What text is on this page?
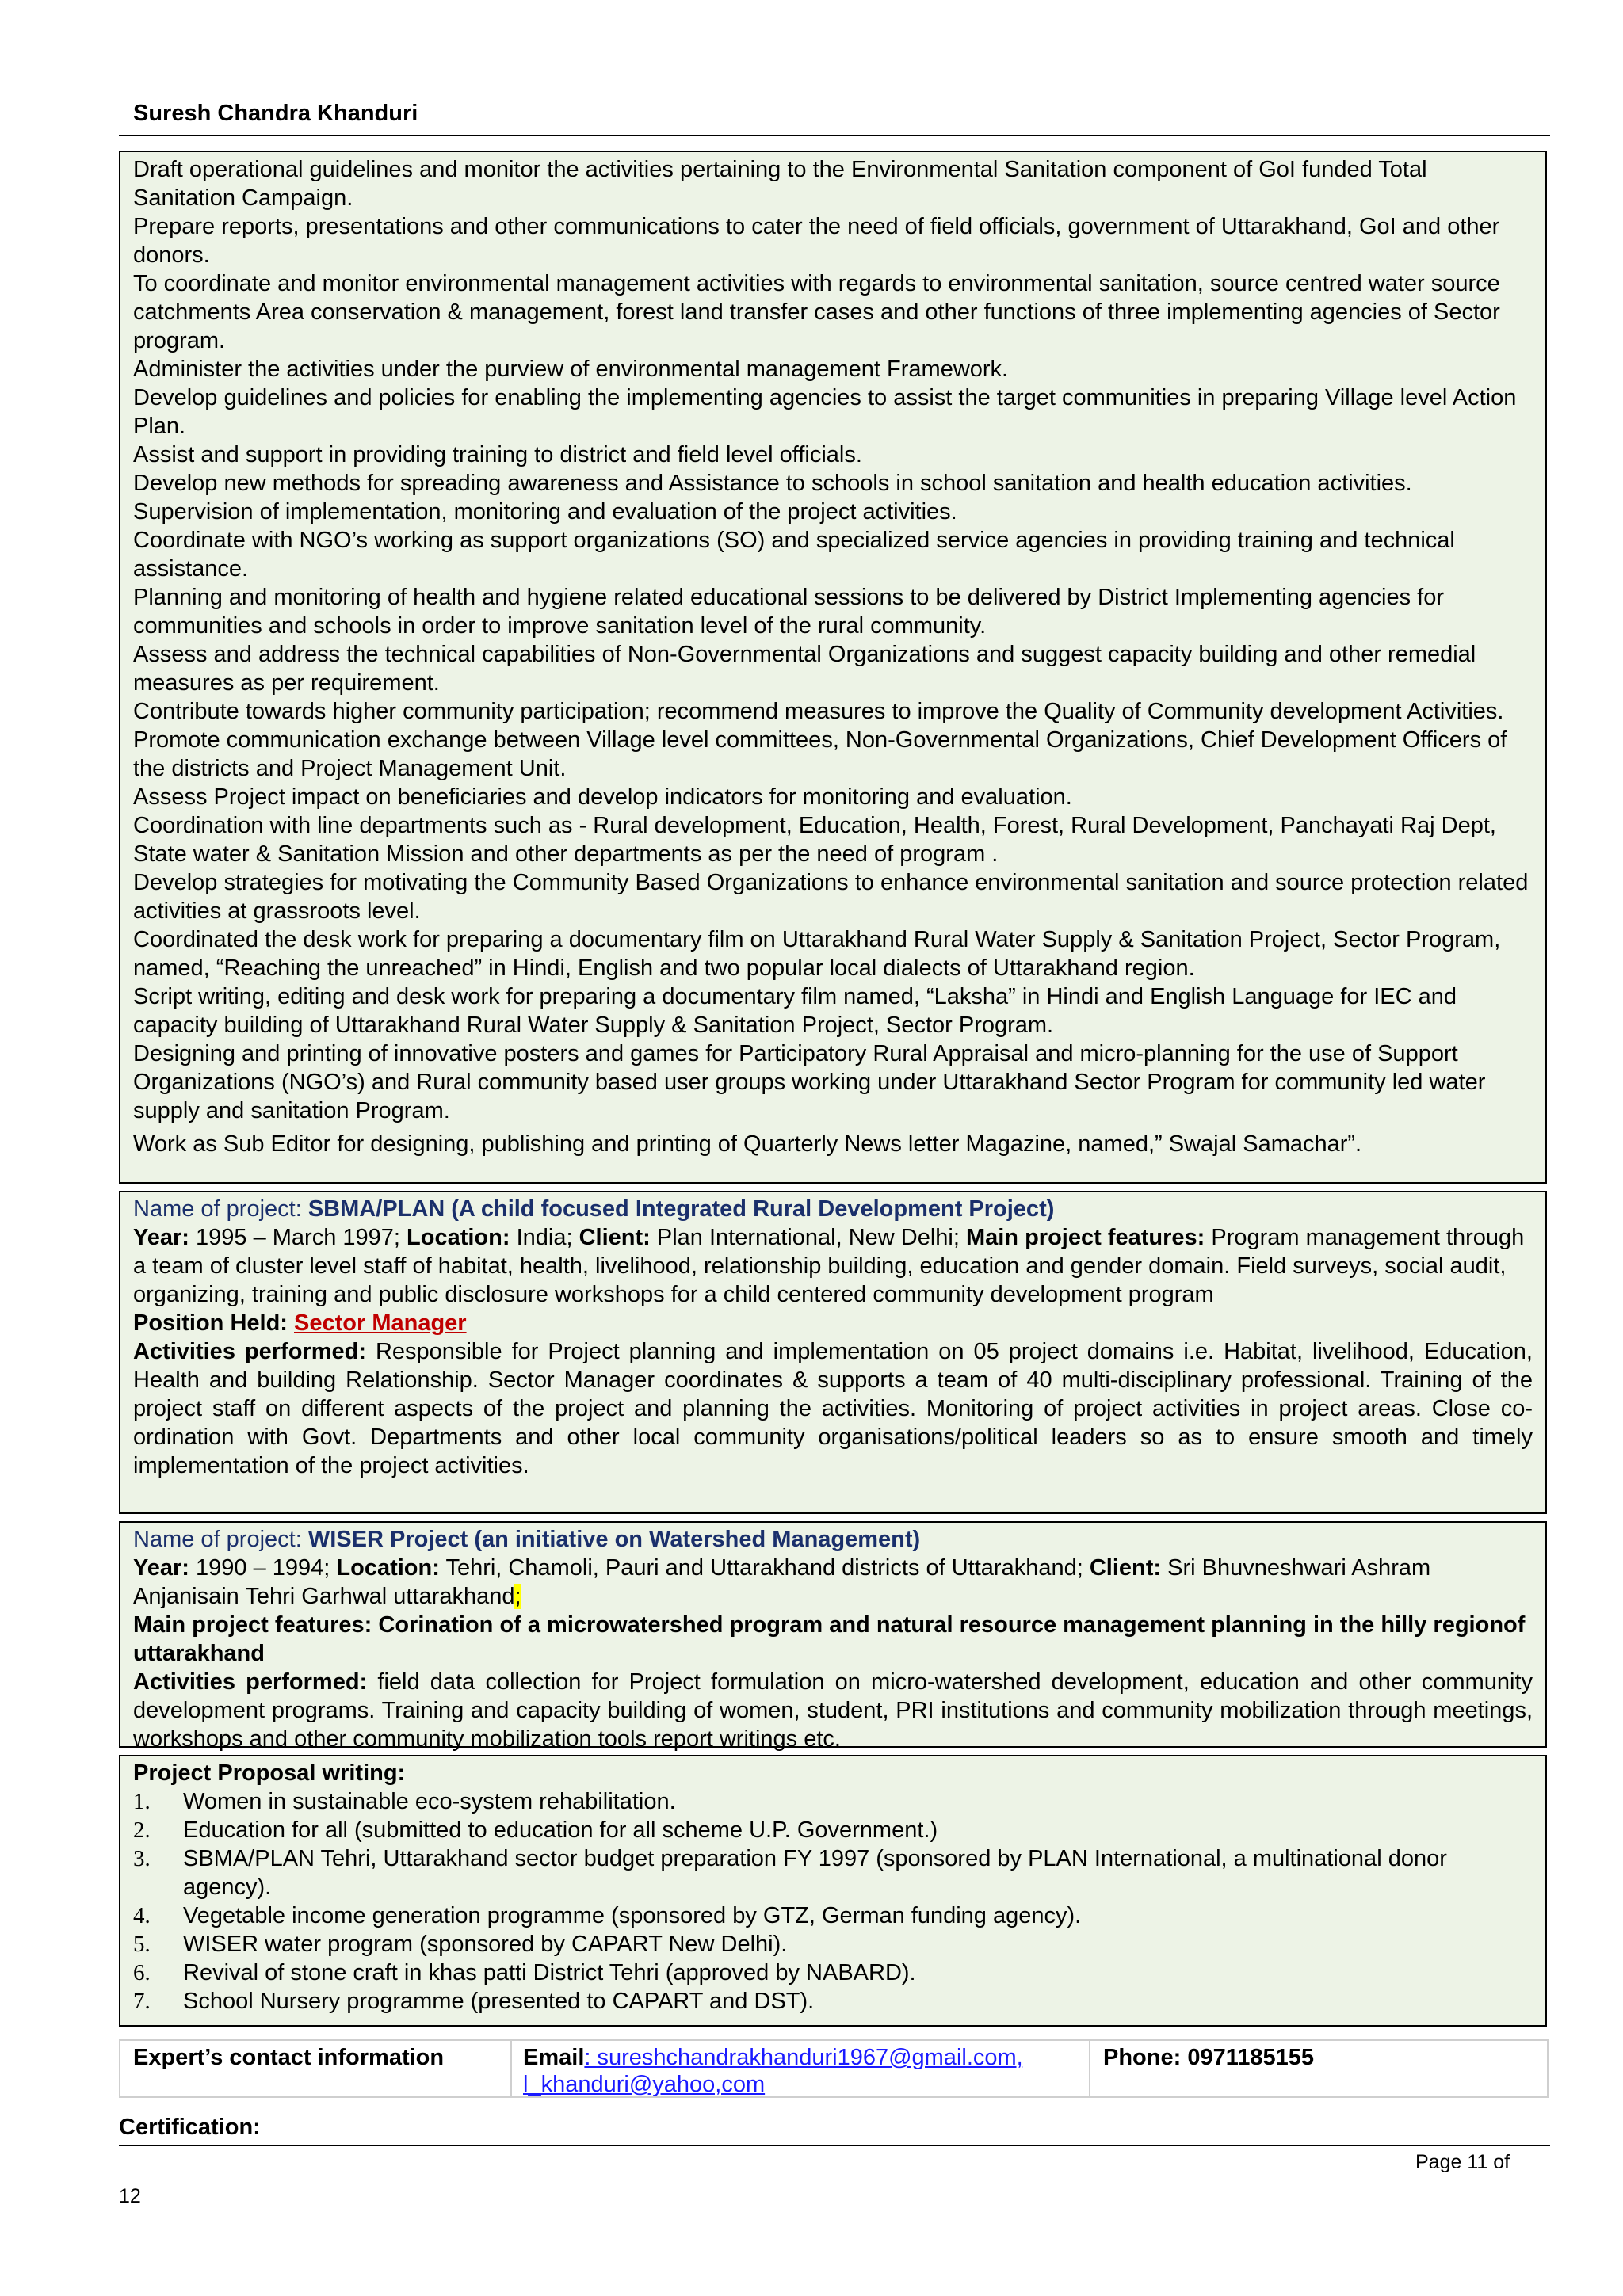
Suresh Chandra Khanduri

Draft operational guidelines and monitor the activities pertaining to the Environmental Sanitation component of GoI funded Total Sanitation Campaign.

Prepare reports, presentations and other communications to cater the need of field officials, government of Uttarakhand, GoI and other donors.

To coordinate and monitor environmental management activities with regards to environmental sanitation, source centred water source catchments Area conservation & management, forest land transfer cases and other functions of three implementing agencies of Sector program.

Administer the activities under the purview of environmental management Framework.

Develop guidelines and policies for enabling the implementing agencies to assist the target communities in preparing Village level Action Plan.

Assist and support in providing training to district and field level officials.

Develop new methods for spreading awareness and Assistance to schools in school sanitation and health education activities.

Supervision of implementation, monitoring and evaluation of the project activities.

Coordinate with NGO’s working as support organizations (SO) and specialized service agencies in providing training and technical assistance.

Planning and monitoring of health and hygiene related educational sessions to be delivered by District Implementing agencies for communities and schools in order to improve sanitation level of the rural community.

Assess and address the technical capabilities of Non-Governmental Organizations and suggest capacity building and other remedial measures as per requirement.

Contribute towards higher community participation; recommend measures to improve the Quality of Community development Activities.

Promote communication exchange between Village level committees, Non-Governmental Organizations, Chief Development Officers of the districts and Project Management Unit.

Assess Project impact on beneficiaries and develop indicators for monitoring and evaluation.

Coordination with line departments such as - Rural development, Education, Health, Forest, Rural Development, Panchayati Raj Dept, State water & Sanitation Mission and other departments as per the need of program .

Develop strategies for motivating the Community Based Organizations to enhance environmental sanitation and source protection related activities at grassroots level.

Coordinated the desk work for preparing a documentary film on Uttarakhand Rural Water Supply & Sanitation Project, Sector Program, named, “Reaching the unreached” in Hindi, English and two popular local dialects of Uttarakhand region.

Script writing, editing and desk work for preparing a documentary film named, “Laksha” in Hindi and English Language for IEC and capacity building of Uttarakhand Rural Water Supply & Sanitation Project, Sector Program.

Designing and printing of innovative posters and games for Participatory Rural Appraisal and micro-planning for the use of Support Organizations (NGO’s) and Rural community based user groups working under Uttarakhand Sector Program for community led water supply and sanitation Program.

Work as Sub Editor for designing, publishing and printing of Quarterly News letter Magazine, named,” Swajal Samachar”.

Name of project: SBMA/PLAN (A child focused Integrated Rural Development Project)

Year: 1995 – March 1997; Location: India; Client: Plan International, New Delhi; Main project features: Program management through a team of cluster level staff of habitat, health, livelihood, relationship building, education and gender domain. Field surveys, social audit, organizing, training and public disclosure workshops for a child centered community development program

Position Held: Sector Manager

Activities performed: Responsible for Project planning and implementation on 05 project domains i.e. Habitat, livelihood, Education, Health and building Relationship. Sector Manager coordinates & supports a team of 40 multi-disciplinary professional. Training of the project staff on different aspects of the project and planning the activities. Monitoring of project activities in project areas. Close co-ordination with Govt. Departments and other local community organisations/political leaders so as to ensure smooth and timely implementation of the project activities.

Name of project: WISER Project (an initiative on Watershed Management)

Year: 1990 – 1994; Location: Tehri, Chamoli, Pauri and Uttarakhand districts of Uttarakhand; Client: Sri Bhuvneshwari Ashram Anjanisain Tehri Garhwal uttarakhand;

Main project features: Corination of a microwatershed program and natural resource management planning in the hilly regionof uttarakhand

Activities performed: field data collection for Project formulation on micro-watershed development, education and other community development programs. Training and capacity building of women, student, PRI institutions and community mobilization through meetings, workshops and other community mobilization tools report writings etc.

Project Proposal writing:

1. Women in sustainable eco-system rehabilitation.
2. Education for all (submitted to education for all scheme U.P. Government.)
3. SBMA/PLAN Tehri, Uttarakhand sector budget preparation FY 1997 (sponsored by PLAN International, a multinational donor agency).
4. Vegetable income generation programme (sponsored by GTZ, German funding agency).
5. WISER water program (sponsored by CAPART New Delhi).
6. Revival of stone craft in khas patti District Tehri (approved by NABARD).
7. School Nursery programme (presented to CAPART and DST).
Expert’s contact information	Email: sureshchandrakhanduri1967@gmail.com,
l_khanduri@yahoo,com
Phone: 0971185155
Certification:
Page 11 of
12
